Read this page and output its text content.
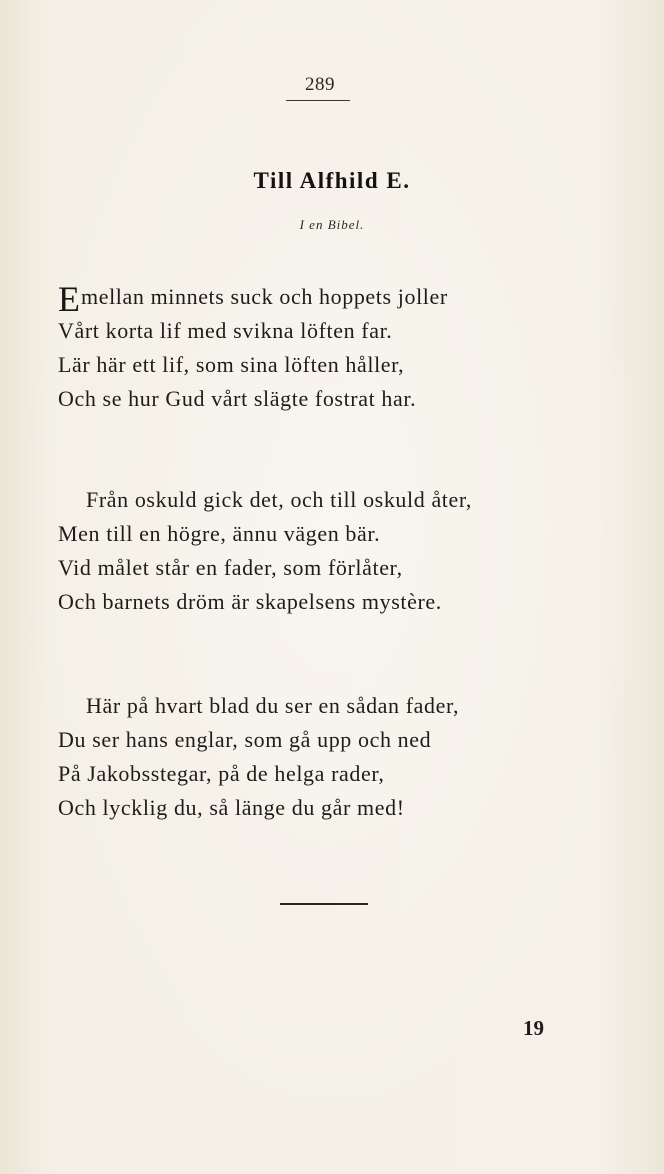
289
Till Alfhild E.
I en Bibel.
E mellan minnets suck och hoppets joller
Vårt korta lif med svikna löften far.
Lär här ett lif, som sina löften håller,
Och se hur Gud vårt slägte fostrat har.
Från oskuld gick det, och till oskuld åter,
Men till en högre, ännu vägen bär.
Vid målet står en fader, som förlåter,
Och barnets dröm är skapelsens mystère.
Här på hvart blad du ser en sådan fader,
Du ser hans englar, som gå upp och ned
På Jakobsstegar, på de helga rader,
Och lycklig du, så länge du går med!
19
